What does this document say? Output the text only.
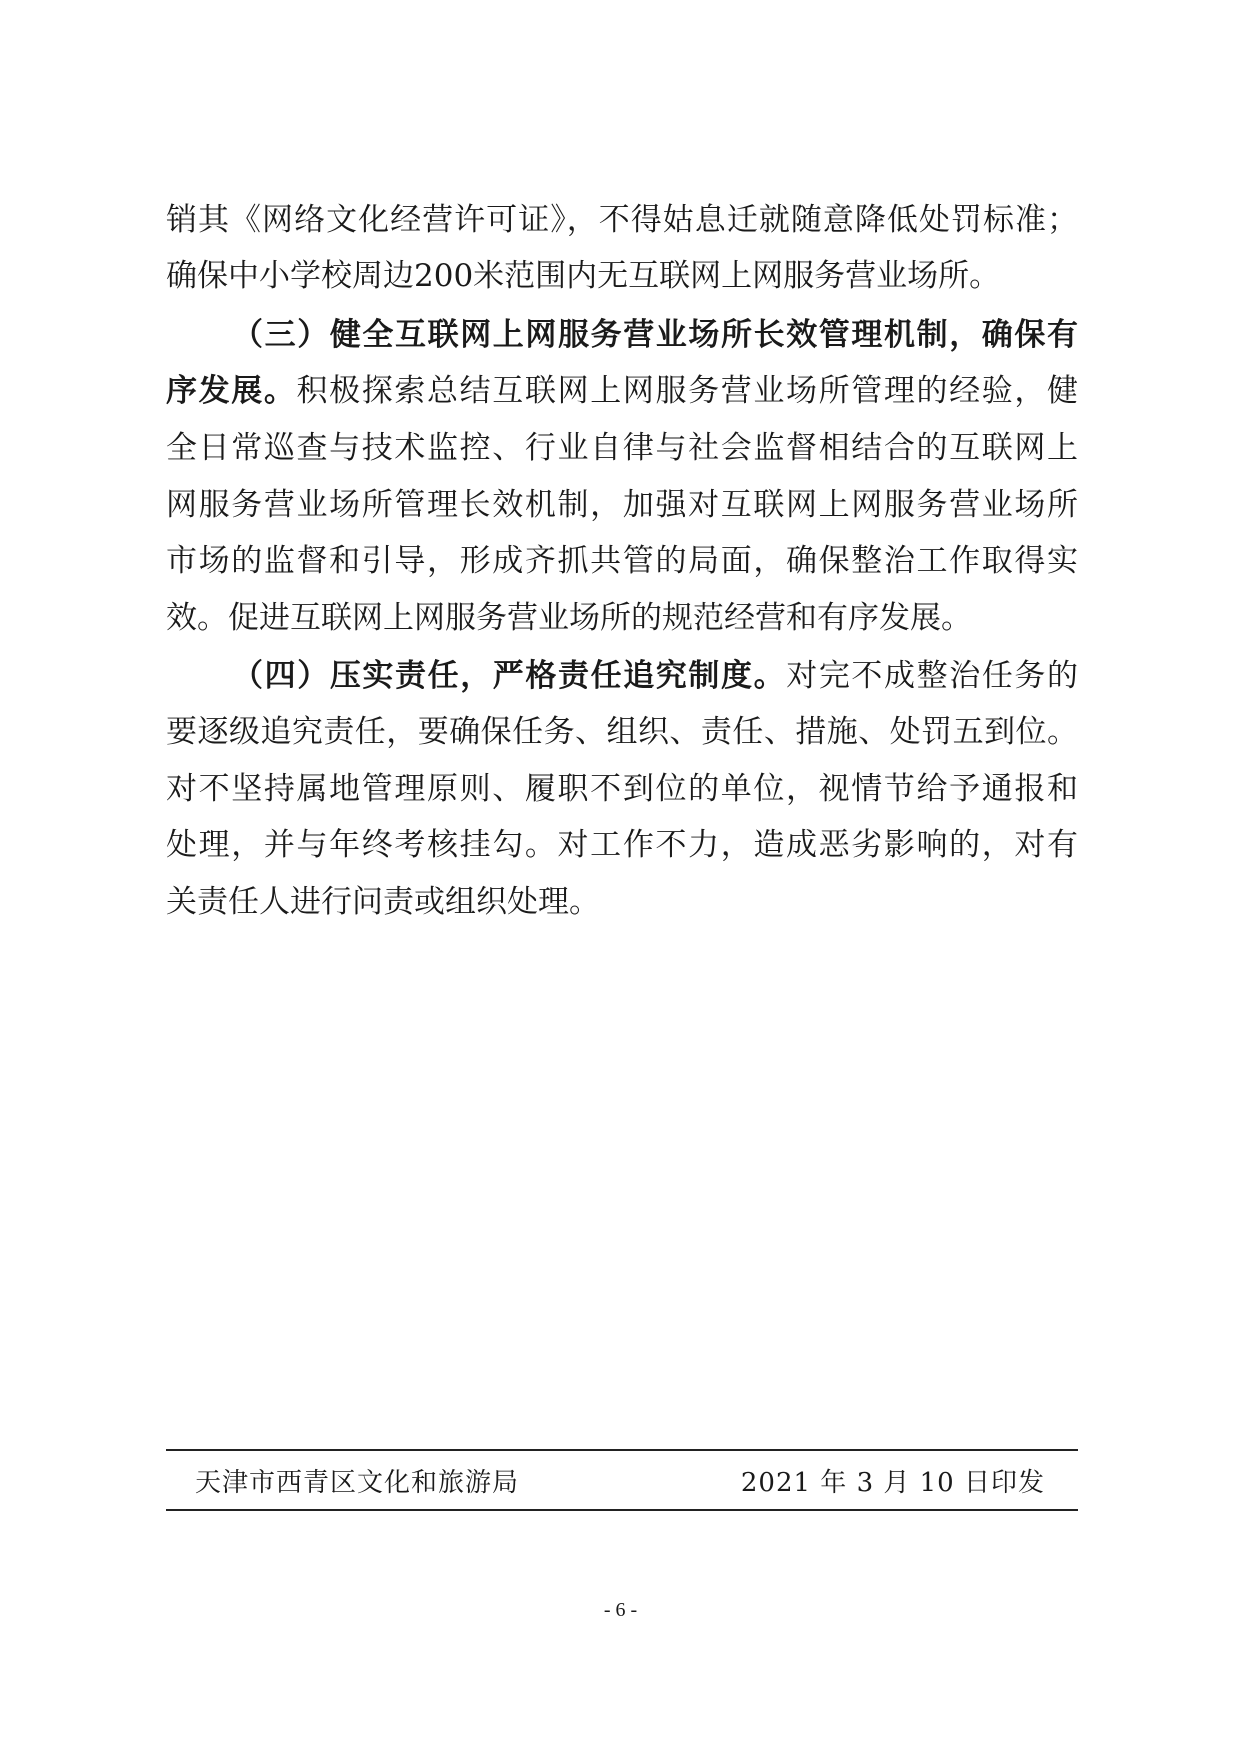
销其《网络文化经营许可证》，不得姑息迁就随意降低处罚标准；
确保中小学校周边200米范围内无互联网上网服务营业场所。
（三）健全互联网上网服务营业场所长效管理机制，确保有
序发展。积极探索总结互联网上网服务营业场所管理的经验，健
全日常巡查与技术监控、行业自律与社会监督相结合的互联网上
网服务营业场所管理长效机制，加强对互联网上网服务营业场所
市场的监督和引导，形成齐抓共管的局面，确保整治工作取得实
效。促进互联网上网服务营业场所的规范经营和有序发展。
（四）压实责任，严格责任追究制度。对完不成整治任务的
要逐级追究责任，要确保任务、组织、责任、措施、处罚五到位。
对不坚持属地管理原则、履职不到位的单位，视情节给予通报和
处理，并与年终考核挂勾。对工作不力，造成恶劣影响的，对有
关责任人进行问责或组织处理。
天津市西青区文化和旅游局	2021 年 3 月 10 日印发
- 6 -
